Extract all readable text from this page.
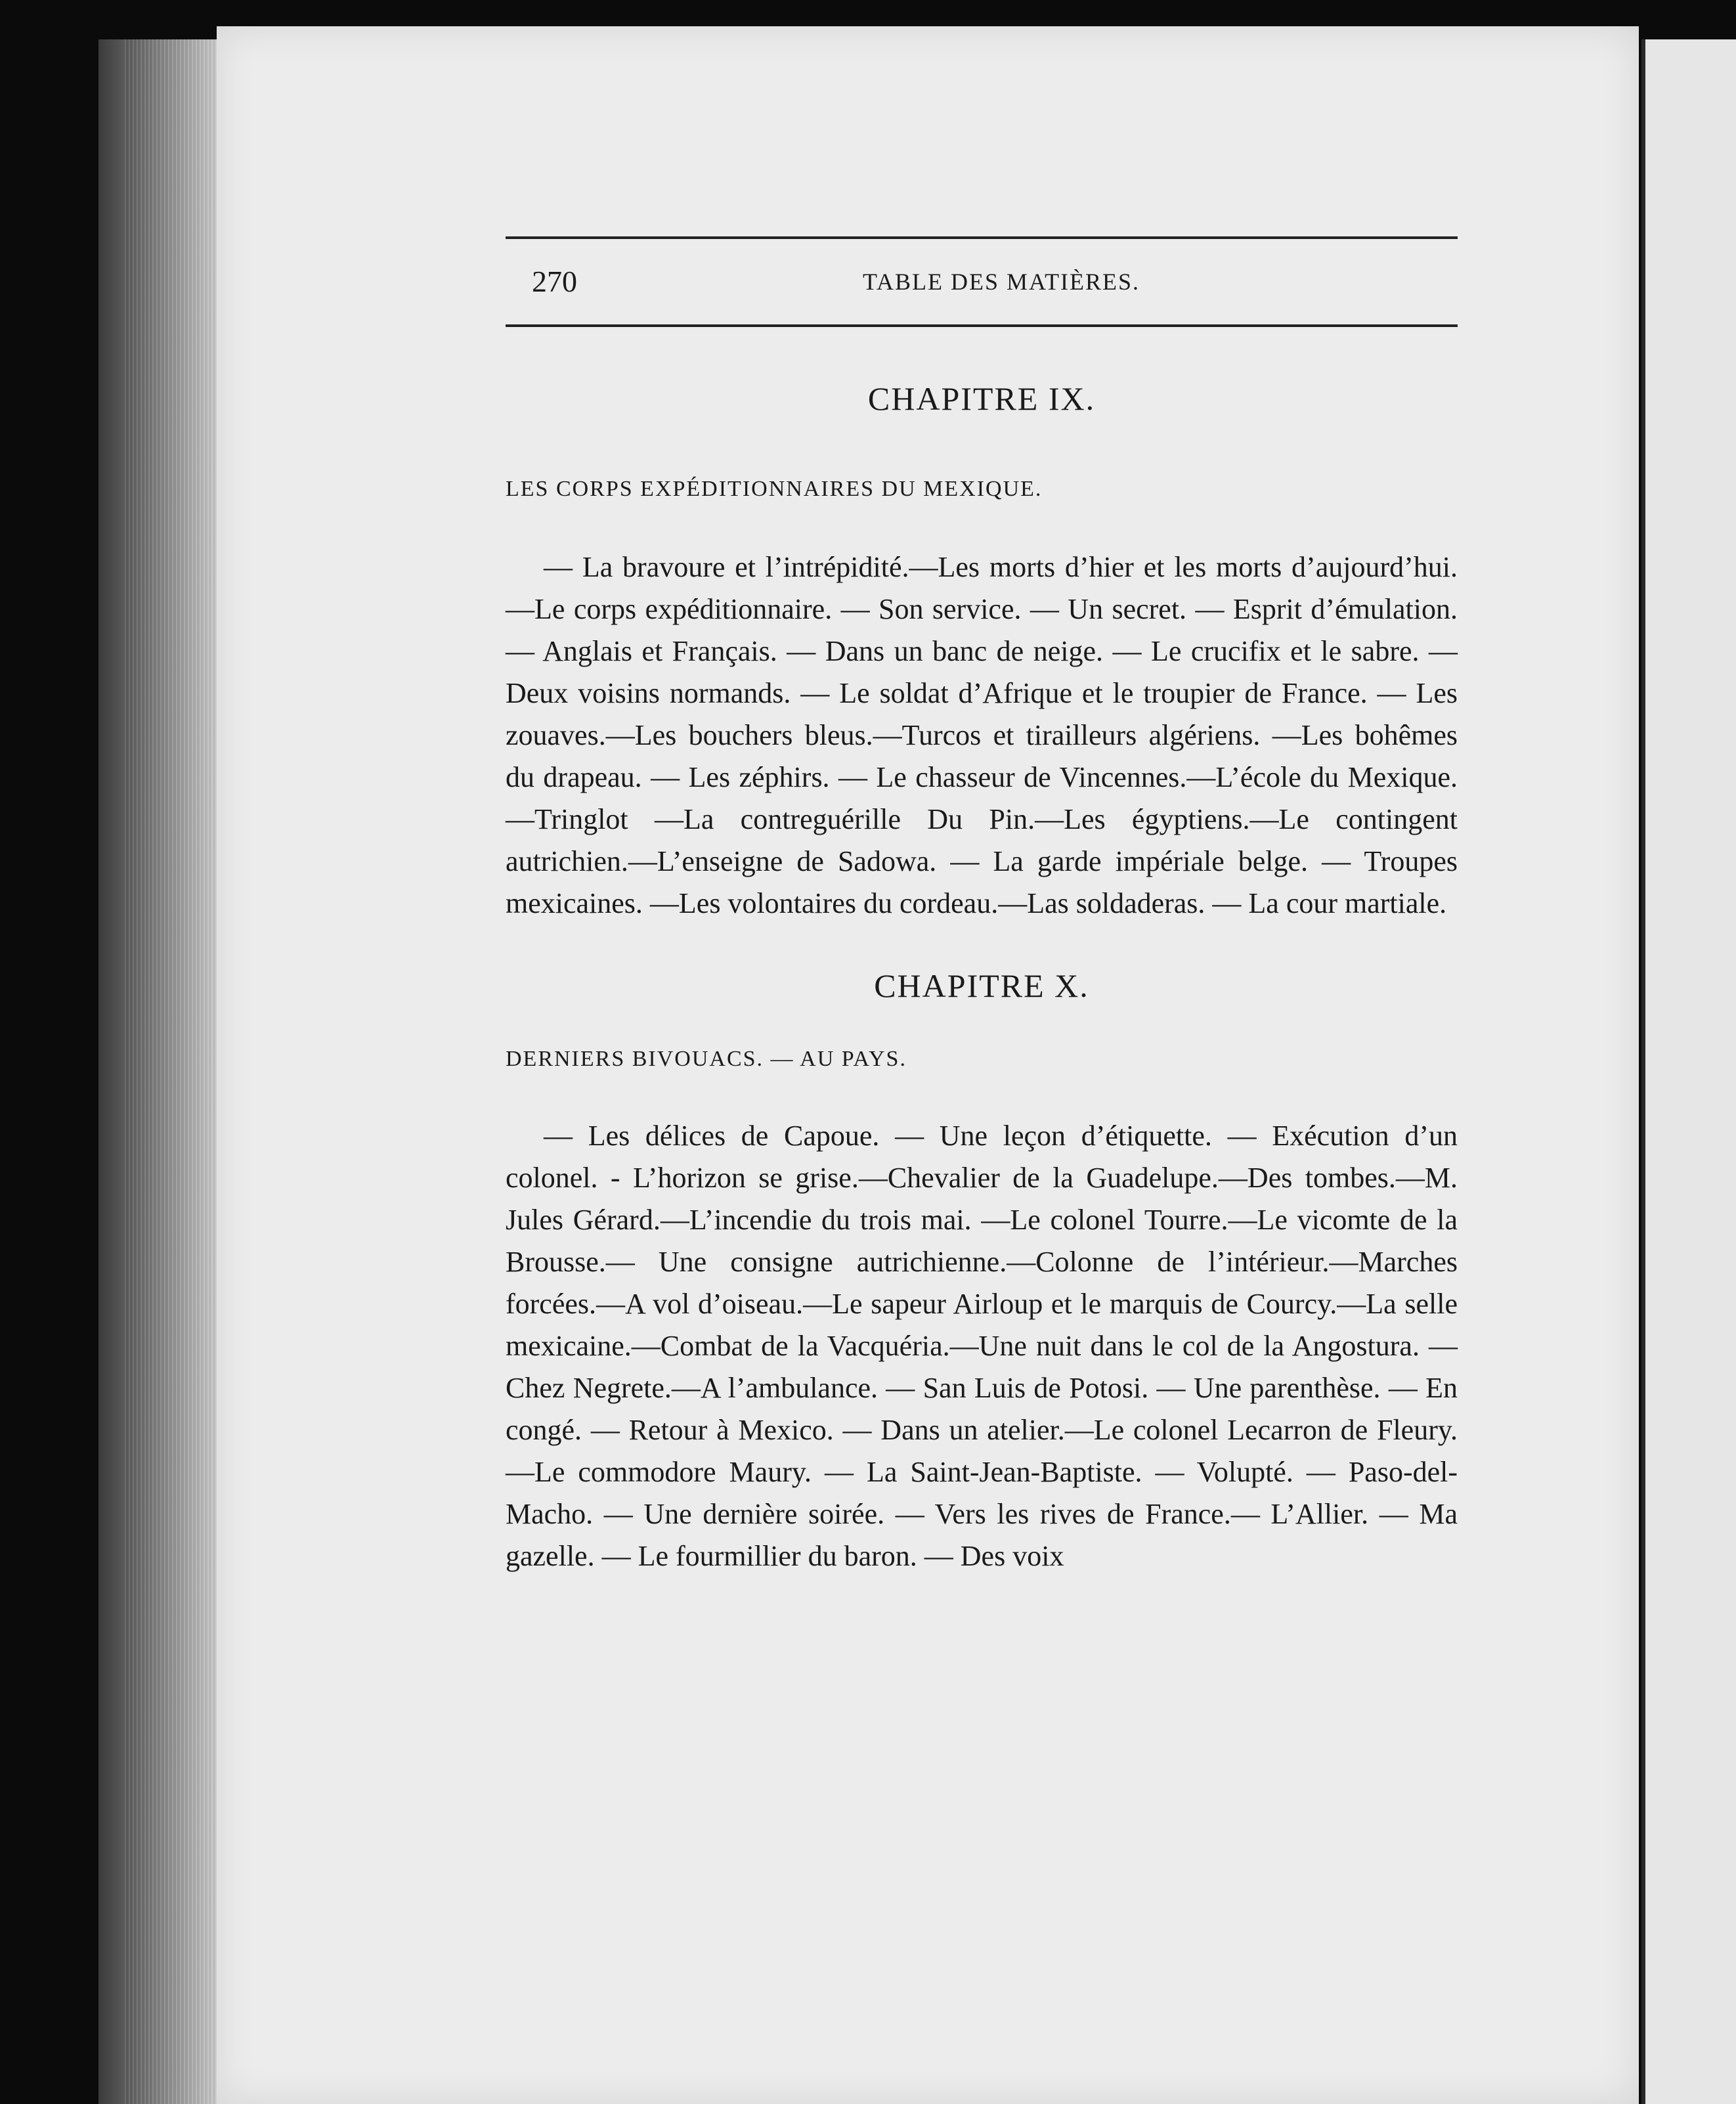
270	TABLE DES MATIÈRES.
CHAPITRE IX.
LES CORPS EXPÉDITIONNAIRES DU MEXIQUE.

— La bravoure et l’intrépidité.—Les morts d’hier et les morts d’aujourd’hui.—Le corps expéditionnaire. — Son service. — Un secret. — Esprit d’émulation. — Anglais et Français. — Dans un banc de neige. — Le crucifix et le sabre. — Deux voisins normands. — Le soldat d’Afrique et le troupier de France. — Les zouaves.—Les bouchers bleus.—Turcos et tirailleurs algériens. —Les bohêmes du drapeau. — Les zéphirs. — Le chasseur de Vincennes.—L’école du Mexique.—Tringlot —La contreguérille Du Pin.—Les égyptiens.—Le contingent autrichien.—L’enseigne de Sadowa. — La garde impériale belge. — Troupes mexicaines. —Les volontaires du cordeau.—Las soldaderas. — La cour martiale.

CHAPITRE X.
DERNIERS BIVOUACS. — AU PAYS.

— Les délices de Capoue. — Une leçon d’étiquette. — Exécution d’un colonel. - L’horizon se grise.—Chevalier de la Guadelupe.—Des tombes.—M. Jules Gérard.—L’incendie du trois mai. —Le colonel Tourre.—Le vicomte de la Brousse.— Une consigne autrichienne.—Colonne de l’intérieur.—Marches forcées.—A vol d’oiseau.—Le sapeur Airloup et le marquis de Courcy.—La selle mexicaine.—Combat de la Vacquéria.—Une nuit dans le col de la Angostura. — Chez Negrete.—A l’ambulance. — San Luis de Potosi. — Une parenthèse. — En congé. — Retour à Mexico. — Dans un atelier.—Le colonel Lecarron de Fleury.—Le commodore Maury. — La Saint-Jean-Baptiste. — Volupté. — Paso-del-Macho. — Une dernière soirée. — Vers les rives de France.— L’Allier. — Ma gazelle. — Le fourmillier du baron. — Des voix
